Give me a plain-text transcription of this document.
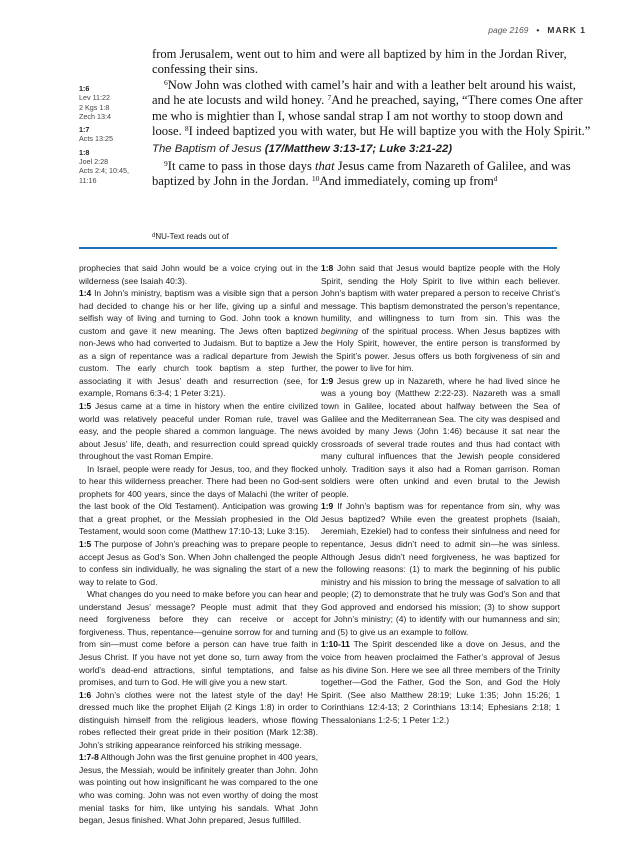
page 2169 • MARK 1
1:6
Lev 11:22
2 Kgs 1:8
Zech 13:4
1:7
Acts 13:25
1:8
Joel 2:28
Acts 2:4; 10:45,
11:16

from Jerusalem, went out to him and were all baptized by him in the Jordan River, confessing their sins.

$^6$Now John was clothed with camel’s hair and with a leather belt around his waist, and he ate locusts and wild honey. $^7$And he preached, saying, “There comes One after me who is mightier than I, whose sandal strap I am not worthy to stoop down and loose. $^8$I indeed baptized you with water, but He will baptize you with the Holy Spirit.”

The Baptism of Jesus (17/Matthew 3:13-17; Luke 3:21-22)

$^9$It came to pass in those days that Jesus came from Nazareth of Galilee, and was baptized by John in the Jordan. $^{10}$And immediately, coming up from$^d$

$^d$NU-Text reads out of

prophecies that said John would be a voice crying out in the wilderness (see Isaiah 40:3).

1:4 In John’s ministry, baptism was a visible sign that a person had decided to change his or her life, giving up a sinful and selfish way of living and turning to God. John took a known custom and gave it new meaning. The Jews often baptized non-Jews who had converted to Judaism. But to baptize a Jew as a sign of repentance was a radical departure from Jewish custom. The early church took baptism a step further, associating it with Jesus’ death and resurrection (see, for example, Romans 6:3-4; 1 Peter 3:21).

1:5 Jesus came at a time in history when the entire civilized world was relatively peaceful under Roman rule, travel was easy, and the people shared a common language. The news about Jesus’ life, death, and resurrection could spread quickly throughout the vast Roman Empire.

In Israel, people were ready for Jesus, too, and they flocked to hear this wilderness preacher. There had been no God-sent prophets for 400 years, since the days of Malachi (the writer of the last book of the Old Testament). Anticipation was growing that a great prophet, or the Messiah prophesied in the Old Testament, would soon come (Matthew 17:10-13; Luke 3:15).

1:5 The purpose of John’s preaching was to prepare people to accept Jesus as God’s Son. When John challenged the people to confess sin individually, he was signaling the start of a new way to relate to God.

What changes do you need to make before you can hear and understand Jesus’ message? People must admit that they need forgiveness before they can receive or accept forgiveness. Thus, repentance—genuine sorrow for and turning from sin—must come before a person can have true faith in Jesus Christ. If you have not yet done so, turn away from the world’s dead-end attractions, sinful temptations, and false promises, and turn to God. He will give you a new start.

1:6 John’s clothes were not the latest style of the day! He dressed much like the prophet Elijah (2 Kings 1:8) in order to distinguish himself from the religious leaders, whose flowing robes reflected their great pride in their position (Mark 12:38). John’s striking appearance reinforced his striking message.

1:7-8 Although John was the first genuine prophet in 400 years, Jesus, the Messiah, would be infinitely greater than John. John was pointing out how insignificant he was compared to the one who was coming. John was not even worthy of doing the most menial tasks for him, like untying his sandals. What John began, Jesus finished. What John prepared, Jesus fulfilled.

1:8 John said that Jesus would baptize people with the Holy Spirit, sending the Holy Spirit to live within each believer. John’s baptism with water prepared a person to receive Christ’s message. This baptism demonstrated the person’s repentance, humility, and willingness to turn from sin. This was the beginning of the spiritual process. When Jesus baptizes with the Holy Spirit, however, the entire person is transformed by the Spirit’s power. Jesus offers us both forgiveness of sin and the power to live for him.

1:9 Jesus grew up in Nazareth, where he had lived since he was a young boy (Matthew 2:22-23). Nazareth was a small town in Galilee, located about halfway between the Sea of Galilee and the Mediterranean Sea. The city was despised and avoided by many Jews (John 1:46) because it sat near the crossroads of several trade routes and thus had contact with many cultural influences that the Jewish people considered unholy. Tradition says it also had a Roman garrison. Roman soldiers were often unkind and even brutal to the Jewish people.

1:9 If John’s baptism was for repentance from sin, why was Jesus baptized? While even the greatest prophets (Isaiah, Jeremiah, Ezekiel) had to confess their sinfulness and need for repentance, Jesus didn’t need to admit sin—he was sinless. Although Jesus didn’t need forgiveness, he was baptized for the following reasons: (1) to mark the beginning of his public ministry and his mission to bring the message of salvation to all people; (2) to demonstrate that he truly was God’s Son and that God approved and endorsed his mission; (3) to show support for John’s ministry; (4) to identify with our humanness and sin; and (5) to give us an example to follow.

1:10-11 The Spirit descended like a dove on Jesus, and the voice from heaven proclaimed the Father’s approval of Jesus as his divine Son. Here we see all three members of the Trinity together—God the Father, God the Son, and God the Holy Spirit. (See also Matthew 28:19; Luke 1:35; John 15:26; 1 Corinthians 12:4-13; 2 Corinthians 13:14; Ephesians 2:18; 1 Thessalonians 1:2-5; 1 Peter 1:2.)
